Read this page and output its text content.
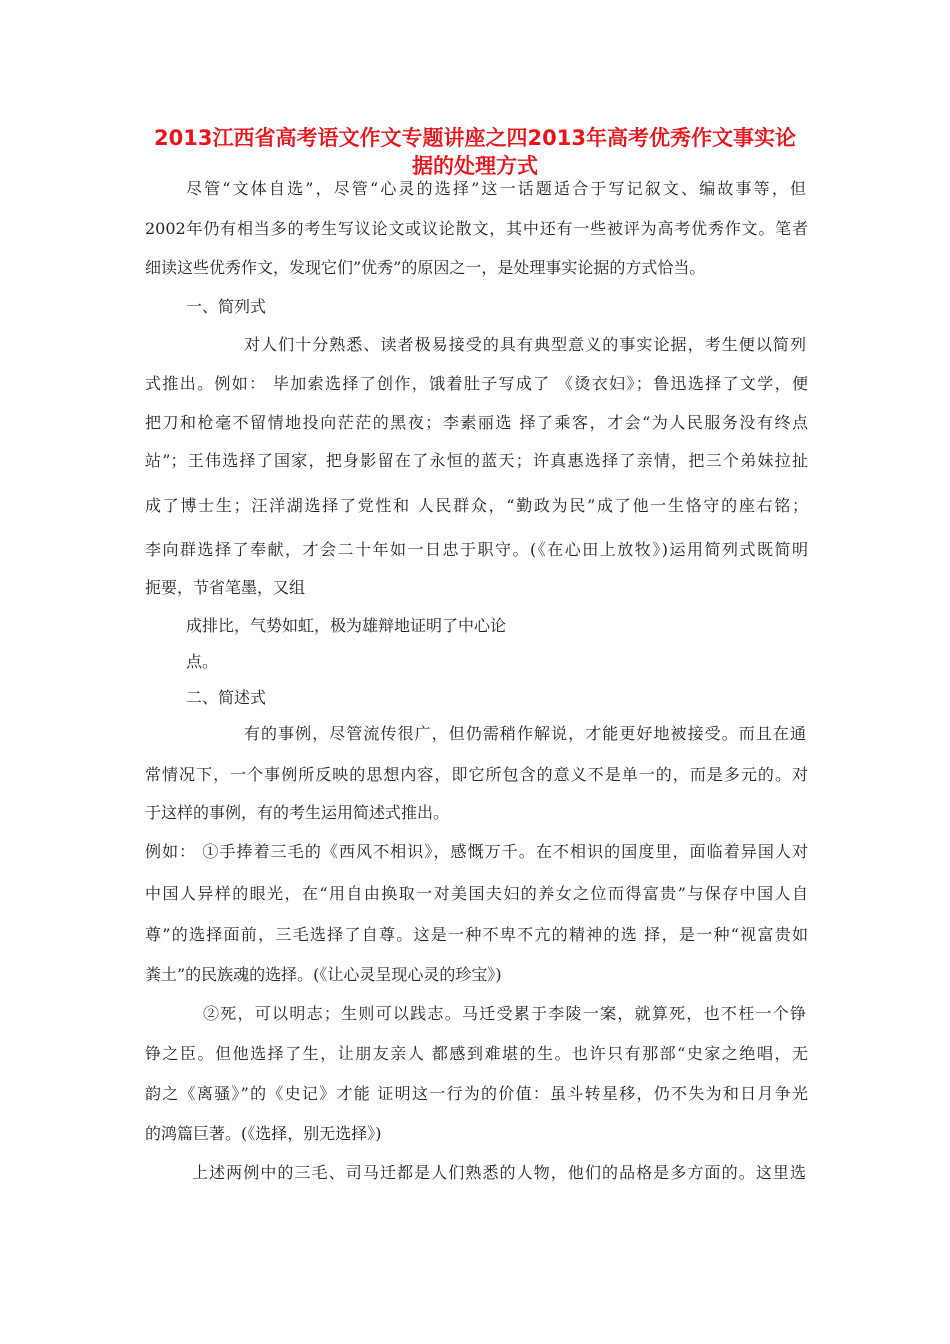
2013江西省高考语文作文专题讲座之四2013年高考优秀作文事实论
据的处理方式
尽管“文体自选”，尽管“心灵的选择”这一话题适合于写记叙文、编故事等，但
2002年仍有相当多的考生写议论文或议论散文，其中还有一些被评为高考优秀作文。笔者
细读这些优秀作文，发现它们”优秀”的原因之一，是处理事实论据的方式恰当。
一、简列式
对人们十分熟悉、读者极易接受的具有典型意义的事实论据，考生便以简列
式推出。例如： 毕加索选择了创作，饿着肚子写成了 《烫衣妇》；鲁迅选择了文学，便
把刀和枪毫不留情地投向茫茫的黑夜；李素丽选 择了乘客，才会“为人民服务没有终点
站”；王伟选择了国家，把身影留在了永恒的蓝天；许真惠选择了亲情，把三个弟妹拉扯
成了博士生；汪洋湖选择了党性和 人民群众，“勤政为民”成了他一生恪守的座右铭；
李向群选择了奉献，才会二十年如一日忠于职守。(《在心田上放牧》)运用简列式既简明
扼要，节省笔墨，又组
成排比，气势如虹，极为雄辩地证明了中心论
点。
二、简述式
有的事例，尽管流传很广，但仍需稍作解说，才能更好地被接受。而且在通
常情况下，一个事例所反映的思想内容，即它所包含的意义不是单一的，而是多元的。对
于这样的事例，有的考生运用简述式推出。
例如： ①手捧着三毛的《西风不相识》，感慨万千。在不相识的国度里，面临着异国人对
中国人异样的眼光，在“用自由换取一对美国夫妇的养女之位而得富贵”与保存中国人自
尊”的选择面前，三毛选择了自尊。这是一种不卑不亢的精神的选 择，是一种“视富贵如
粪土”的民族魂的选择。(《让心灵呈现心灵的珍宝》)
②死，可以明志；生则可以践志。马迁受累于李陵一案，就算死，也不枉一个铮
铮之臣。但他选择了生，让朋友亲人 都感到难堪的生。也许只有那部“史家之绝唱，无
韵之《离骚》”的《史记》才能 证明这一行为的价值：虽斗转星移，仍不失为和日月争光
的鸿篇巨著。(《选择，别无选择》)
上述两例中的三毛、司马迁都是人们熟悉的人物，他们的品格是多方面的。这里选
